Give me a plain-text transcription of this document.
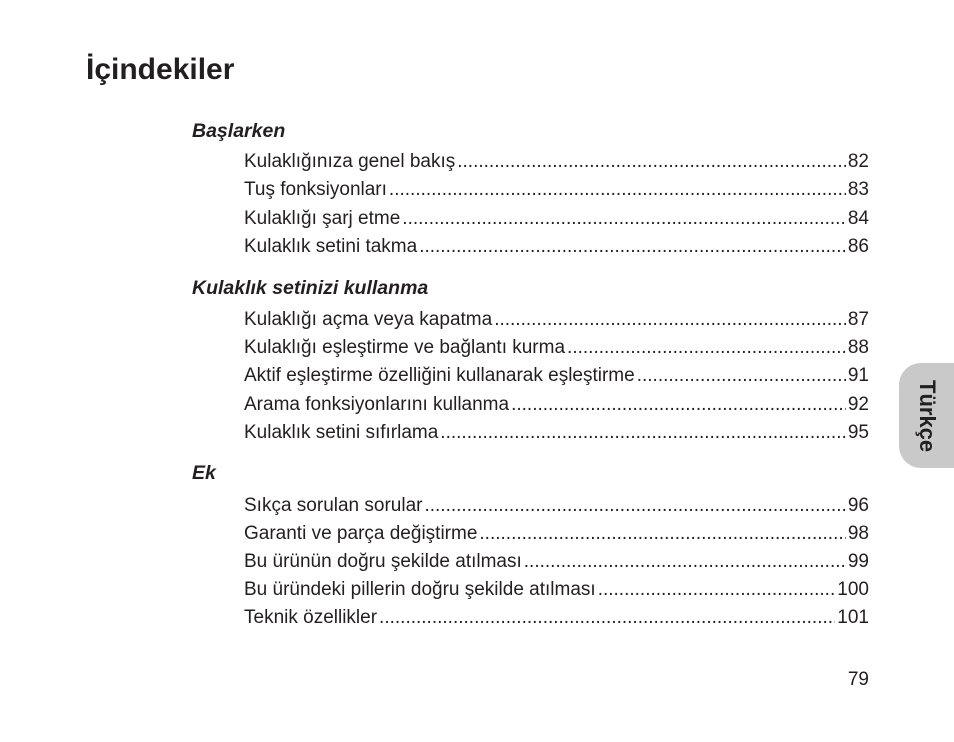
İçindekiler
Başlarken
Kulaklığınıza genel bakış .....	82
Tuş fonksiyonları .....	83
Kulaklığı şarj etme .....	84
Kulaklık setini takma .....	86
Kulaklık setinizi kullanma
Kulaklığı açma veya kapatma .....	87
Kulaklığı eşleştirme ve bağlantı kurma .....	88
Aktif eşleştirme özelliğini kullanarak eşleştirme .....	91
Arama fonksiyonlarını kullanma .....	92
Kulaklık setini sıfırlama .....	95
Ek
Sıkça sorulan sorular .....	96
Garanti ve parça değiştirme .....	98
Bu ürünün doğru şekilde atılması .....	99
Bu üründeki pillerin doğru şekilde atılması .....	100
Teknik özellikler .....	101
Türkçe
79
